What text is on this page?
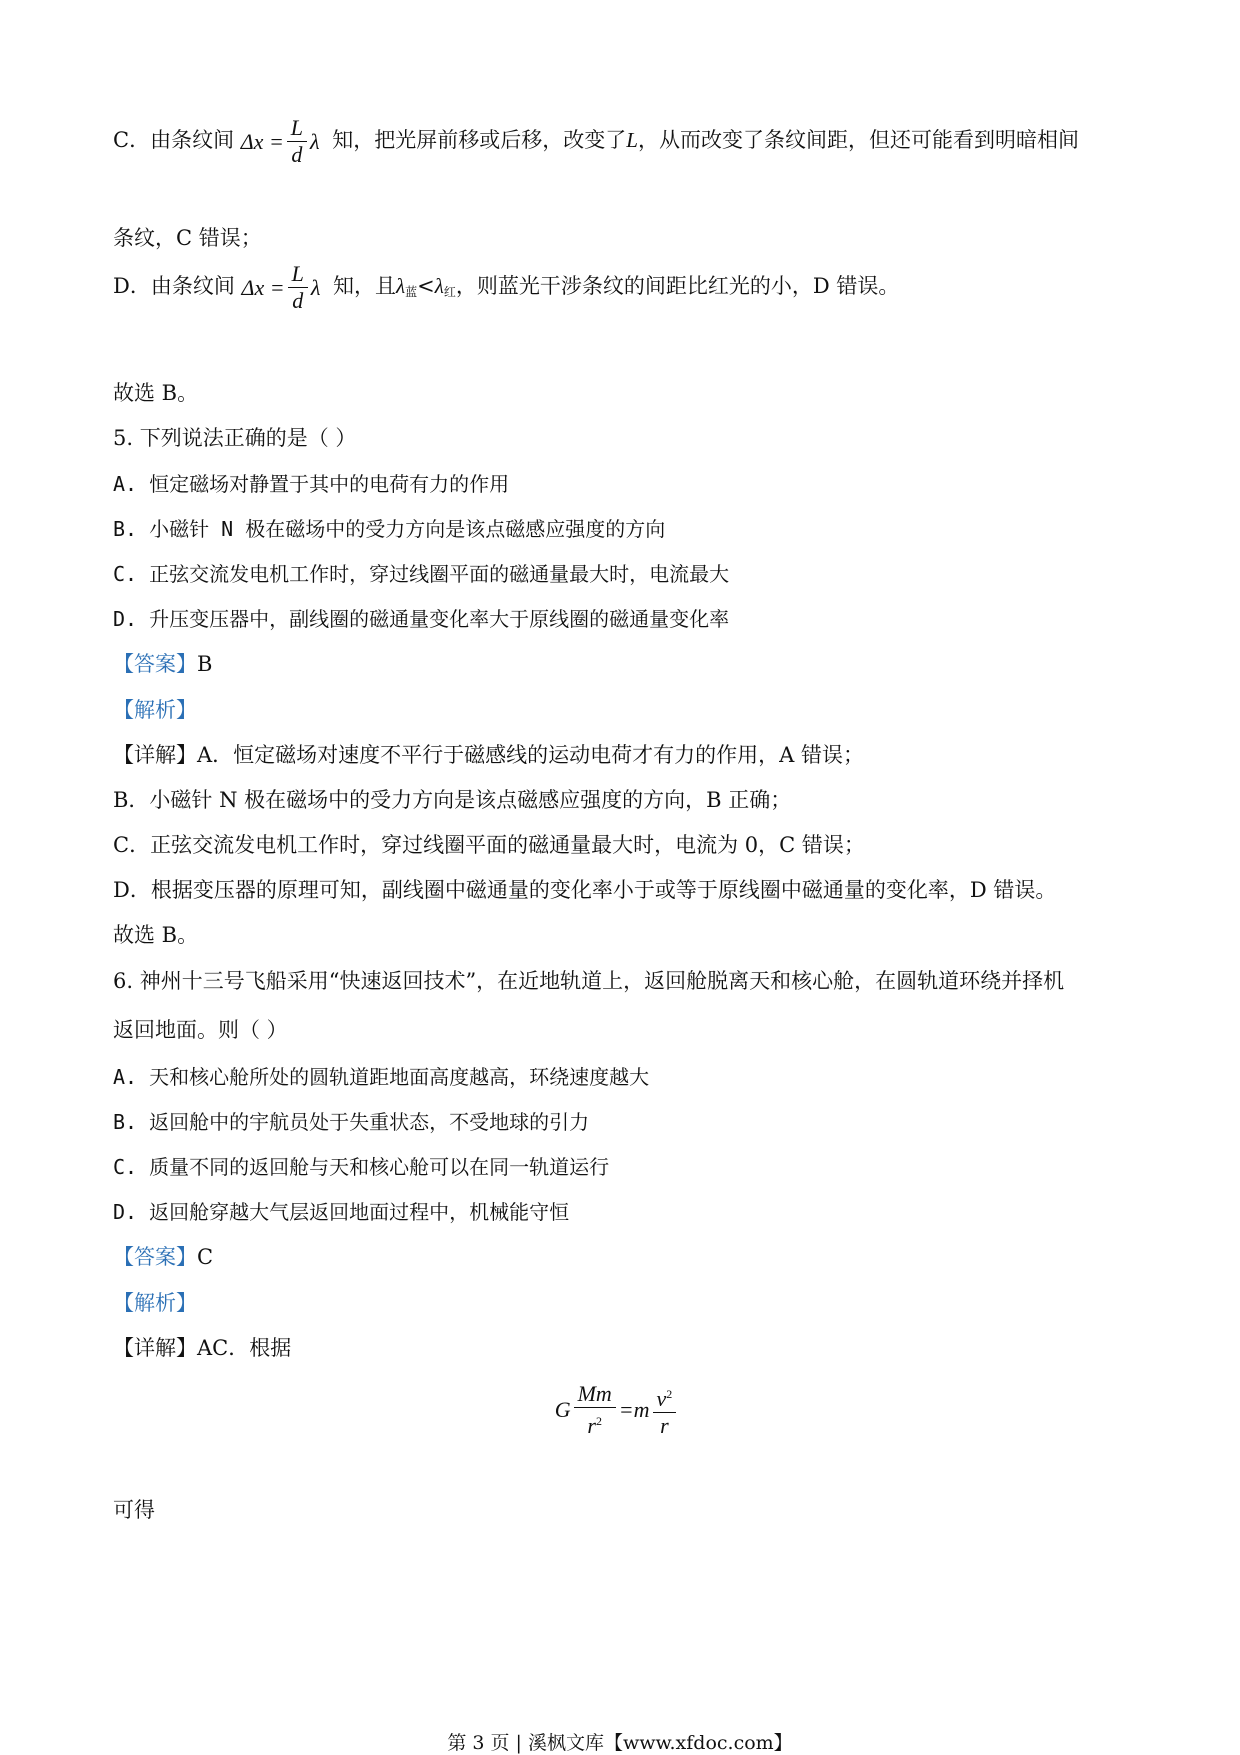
C．由条纹间 $\Delta x = \frac{L}{d}$ λ 知，把光屏前移或后移，改变了L，从而改变了条纹间距，但还可能看到明暗相间
条纹，C 错误；
D．由条纹间 $\Delta x = \frac{L}{d}$ λ 知，且$\lambda_蓝<\lambda_红$，则蓝光干涉条纹的间距比红光的小，D 错误。
故选 B。
5. 下列说法正确的是（ ）
A. 恒定磁场对静置于其中的电荷有力的作用
B. 小磁针 N 极在磁场中的受力方向是该点磁感应强度的方向
C. 正弦交流发电机工作时，穿过线圈平面的磁通量最大时，电流最大
D. 升压变压器中，副线圈的磁通量变化率大于原线圈的磁通量变化率
【答案】B
【解析】
【详解】A．恒定磁场对速度不平行于磁感线的运动电荷才有力的作用，A 错误；
B．小磁针 N 极在磁场中的受力方向是该点磁感应强度的方向，B 正确；
C．正弦交流发电机工作时，穿过线圈平面的磁通量最大时，电流为 0，C 错误；
D．根据变压器的原理可知，副线圈中磁通量的变化率小于或等于原线圈中磁通量的变化率，D 错误。
故选 B。
6. 神州十三号飞船采用“快速返回技术”，在近地轨道上，返回舱脱离天和核心舱，在圆轨道环绕并择机
返回地面。则（ ）
A. 天和核心舱所处的圆轨道距地面高度越高，环绕速度越大
B. 返回舱中的宇航员处于失重状态，不受地球的引力
C. 质量不同的返回舱与天和核心舱可以在同一轨道运行
D. 返回舱穿越大气层返回地面过程中，机械能守恒
【答案】C
【解析】
【详解】AC．根据
G $\frac{Mm}{r^2} =m \frac{v^2}{r}$
可得
第 3 页 | 溪枫文库【www.xfdoc.com】
